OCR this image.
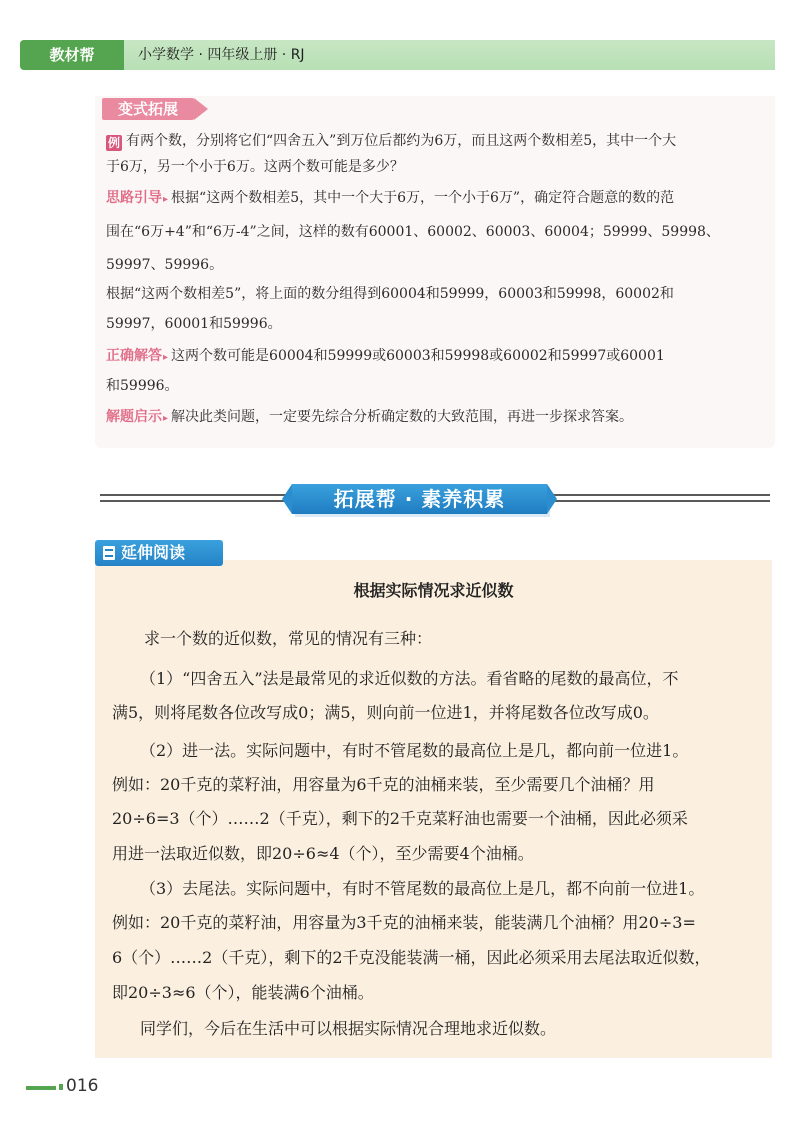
教材帮	小学数学 · 四年级上册 · RJ
变式拓展
例 有两个数，分别将它们“四舍五入”到万位后都约为6万，而且这两个数相差5，其中一个大
于6万，另一个小于6万。这两个数可能是多少？
思路引导▸ 根据“这两个数相差5，其中一个大于6万，一个小于6万”，确定符合题意的数的范
围在“6万+4”和“6万-4”之间，这样的数有60001、60002、60003、60004；59999、59998、
59997、59996。
根据“这两个数相差5”，将上面的数分组得到60004和59999，60003和59998，60002和
59997，60001和59996。
正确解答▸ 这两个数可能是60004和59999或60003和59998或60002和59997或60001
和59996。
解题启示▸ 解决此类问题，一定要先综合分析确定数的大致范围，再进一步探求答案。
拓展帮 · 素养积累
延伸阅读
根据实际情况求近似数
求一个数的近似数，常见的情况有三种：
（1）“四舍五入”法是最常见的求近似数的方法。看省略的尾数的最高位，不
满5，则将尾数各位改写成0；满5，则向前一位进1，并将尾数各位改写成0。
（2）进一法。实际问题中，有时不管尾数的最高位上是几，都向前一位进1。
例如：20千克的菜籽油，用容量为6千克的油桶来装，至少需要几个油桶？用
20÷6=3（个）……2（千克），剩下的2千克菜籽油也需要一个油桶，因此必须采
用进一法取近似数，即20÷6≈4（个），至少需要4个油桶。
（3）去尾法。实际问题中，有时不管尾数的最高位上是几，都不向前一位进1。
例如：20千克的菜籽油，用容量为3千克的油桶来装，能装满几个油桶？用20÷3=
6（个）……2（千克），剩下的2千克没能装满一桶，因此必须采用去尾法取近似数，
即20÷3≈6（个），能装满6个油桶。
同学们，今后在生活中可以根据实际情况合理地求近似数。
016
